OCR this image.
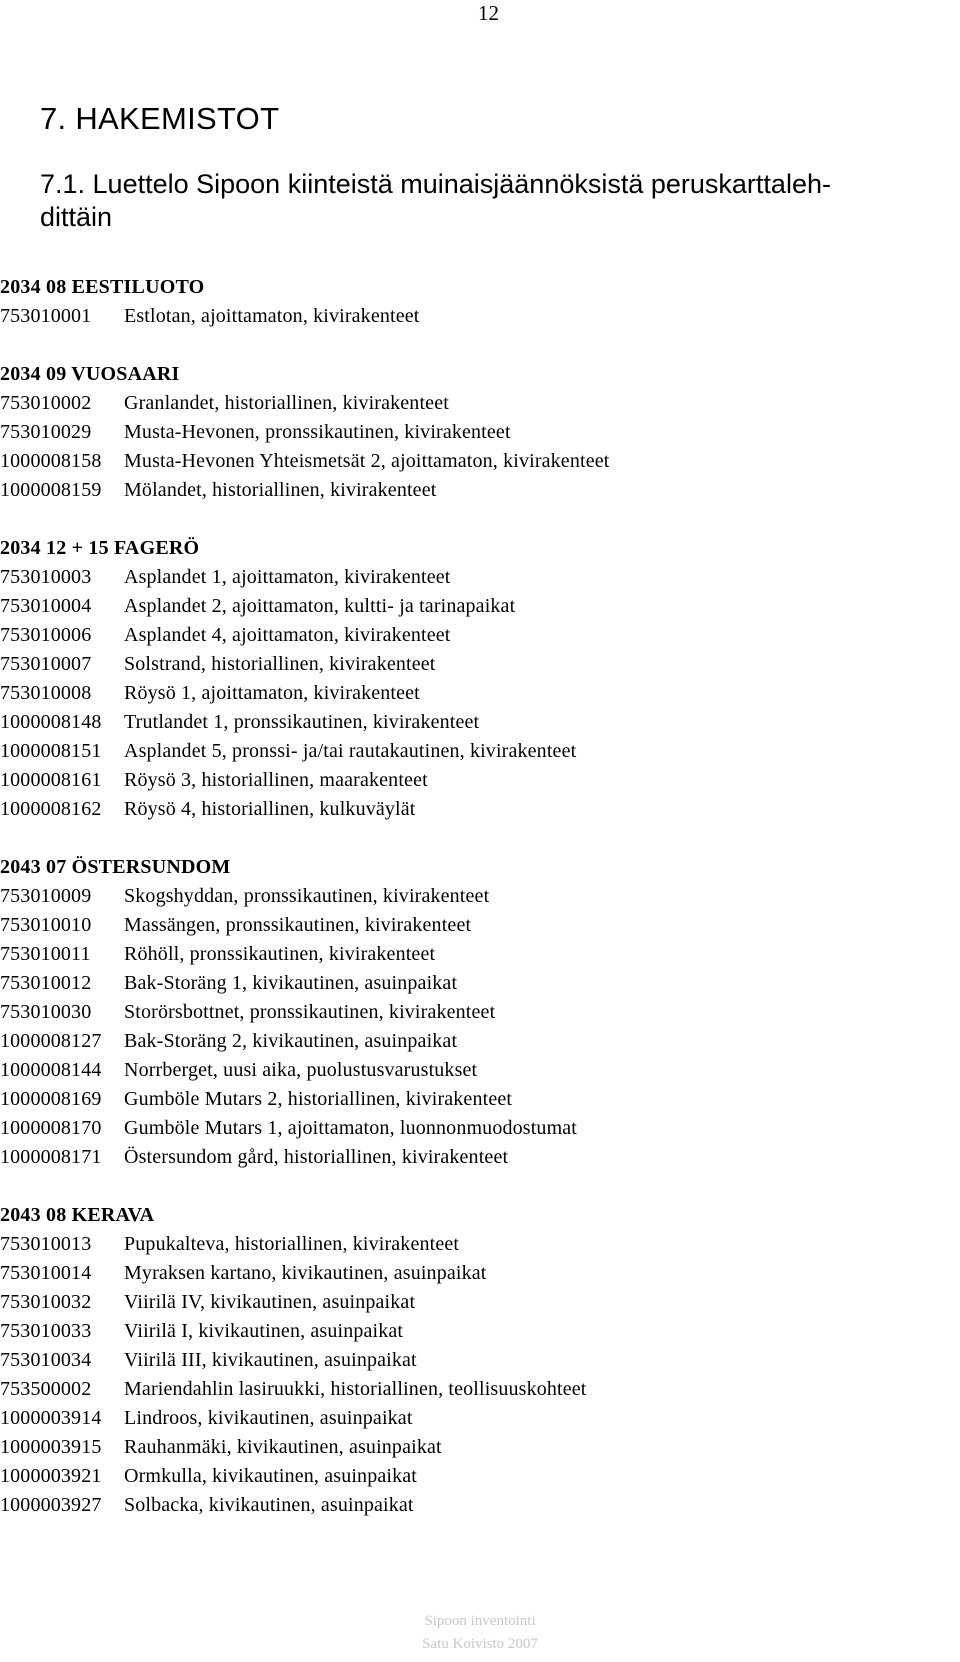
12
7. HAKEMISTOT
7.1. Luettelo Sipoon kiinteistä muinaisjäännöksistä peruskarttaleh-
dittäin
2034 08 EESTILUOTO
753010001 Estlotan, ajoittamaton, kivirakenteet
2034 09 VUOSAARI
753010002 Granlandet, historiallinen, kivirakenteet
753010029 Musta-Hevonen, pronssikautinen, kivirakenteet
1000008158 Musta-Hevonen Yhteismetsät 2, ajoittamaton, kivirakenteet
1000008159 Mölandet, historiallinen, kivirakenteet
2034 12 + 15 FAGERÖ
753010003 Asplandet 1, ajoittamaton, kivirakenteet
753010004 Asplandet 2, ajoittamaton, kultti- ja tarinapaikat
753010006 Asplandet 4, ajoittamaton, kivirakenteet
753010007 Solstrand, historiallinen, kivirakenteet
753010008 Röysö 1, ajoittamaton, kivirakenteet
1000008148 Trutlandet 1, pronssikautinen, kivirakenteet
1000008151 Asplandet 5, pronssi- ja/tai rautakautinen, kivirakenteet
1000008161 Röysö 3, historiallinen, maarakenteet
1000008162 Röysö 4, historiallinen, kulkuväylät
2043 07 ÖSTERSUNDOM
753010009 Skogshyddan, pronssikautinen, kivirakenteet
753010010 Massängen, pronssikautinen, kivirakenteet
753010011 Röhöll, pronssikautinen, kivirakenteet
753010012 Bak-Storäng 1, kivikautinen, asuinpaikat
753010030 Storörsbottnet, pronssikautinen, kivirakenteet
1000008127 Bak-Storäng 2, kivikautinen, asuinpaikat
1000008144 Norrberget, uusi aika, puolustusvarustukset
1000008169 Gumböle Mutars 2, historiallinen, kivirakenteet
1000008170 Gumböle Mutars 1, ajoittamaton, luonnonmuodostumat
1000008171 Östersundom gård, historiallinen, kivirakenteet
2043 08 KERAVA
753010013 Pupukalteva, historiallinen, kivirakenteet
753010014 Myraksen kartano, kivikautinen, asuinpaikat
753010032 Viirilä IV, kivikautinen, asuinpaikat
753010033 Viirilä I, kivikautinen, asuinpaikat
753010034 Viirilä III, kivikautinen, asuinpaikat
753500002 Mariendahlin lasiruukki, historiallinen, teollisuuskohteet
1000003914 Lindroos, kivikautinen, asuinpaikat
1000003915 Rauhanmäki, kivikautinen, asuinpaikat
1000003921 Ormkulla, kivikautinen, asuinpaikat
1000003927 Solbacka, kivikautinen, asuinpaikat
Sipoon inventointi
Satu Koivisto 2007
